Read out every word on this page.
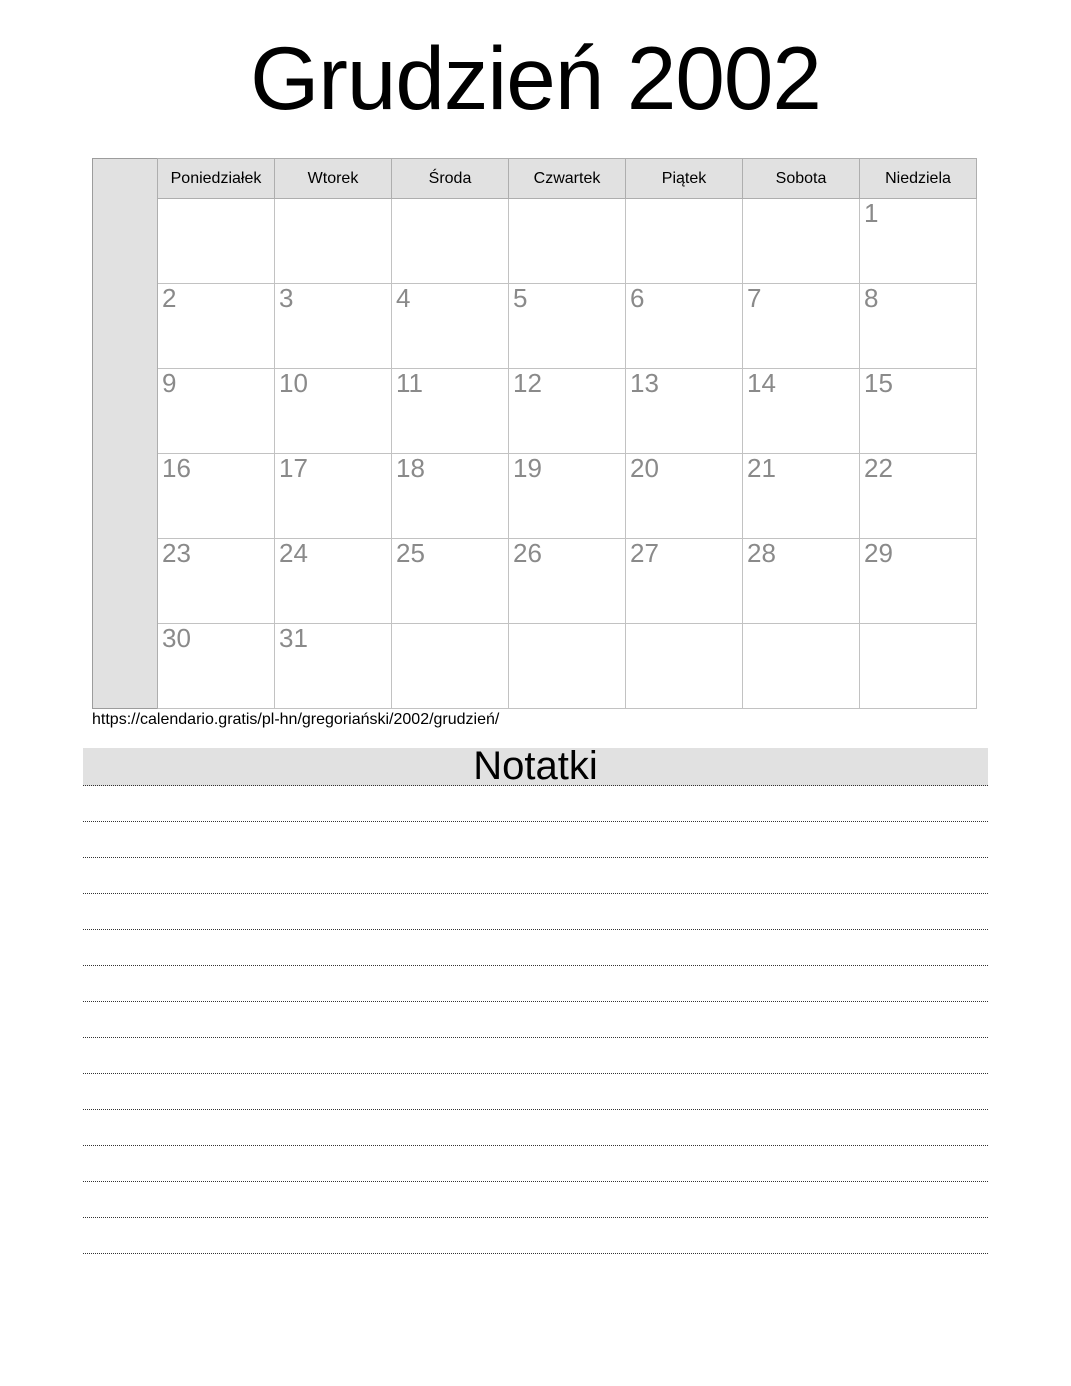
Grudzień 2002
	Poniedziałek	Wtorek	Środa	Czwartek	Piątek	Sobota	Niedziela
							1
	2	3	4	5	6	7	8
	9	10	11	12	13	14	15
	16	17	18	19	20	21	22
	23	24	25	26	27	28	29
	30	31					
https://calendario.gratis/pl-hn/gregoriański/2002/grudzień/
Notatki
